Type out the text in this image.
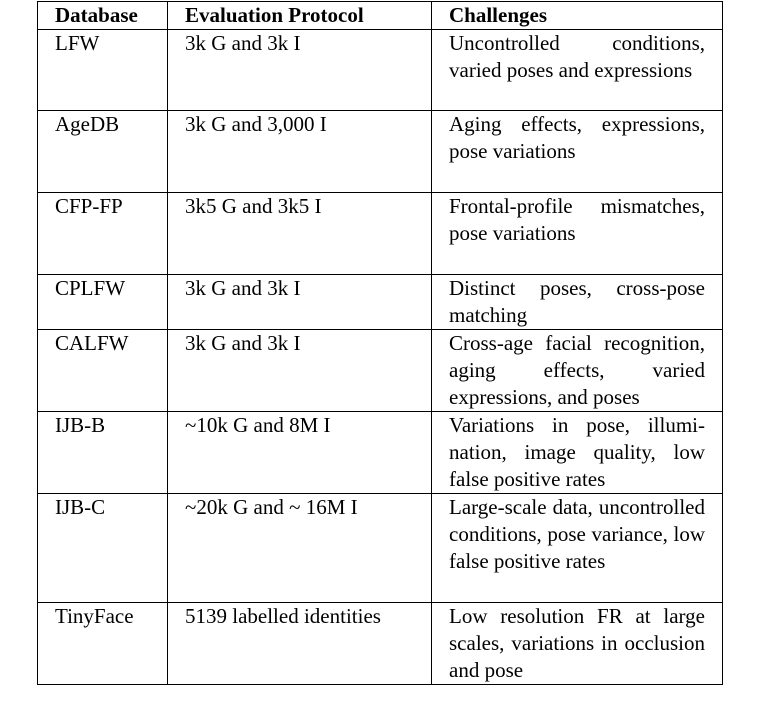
Database	Evaluation Protocol	Challenges
LFW	3k G and 3k I	Uncontrolled conditions, varied poses and expressions
AgeDB	3k G and 3,000 I	Aging effects, expressions, pose variations
CFP-FP	3k5 G and 3k5 I	Frontal-profile mismatches, pose variations
CPLFW	3k G and 3k I	Distinct poses, cross-pose matching
CALFW	3k G and 3k I	Cross-age facial recognition, aging effects, varied expressions, and poses
IJB-B	~10k G and 8M I	Variations in pose, illumination, image quality, low false positive rates
IJB-C	~20k G and ~ 16M I	Large-scale data, uncontrolled conditions, pose variance, low false positive rates
TinyFace	5139 labelled identities	Low resolution FR at large scales, variations in occlusion and pose
